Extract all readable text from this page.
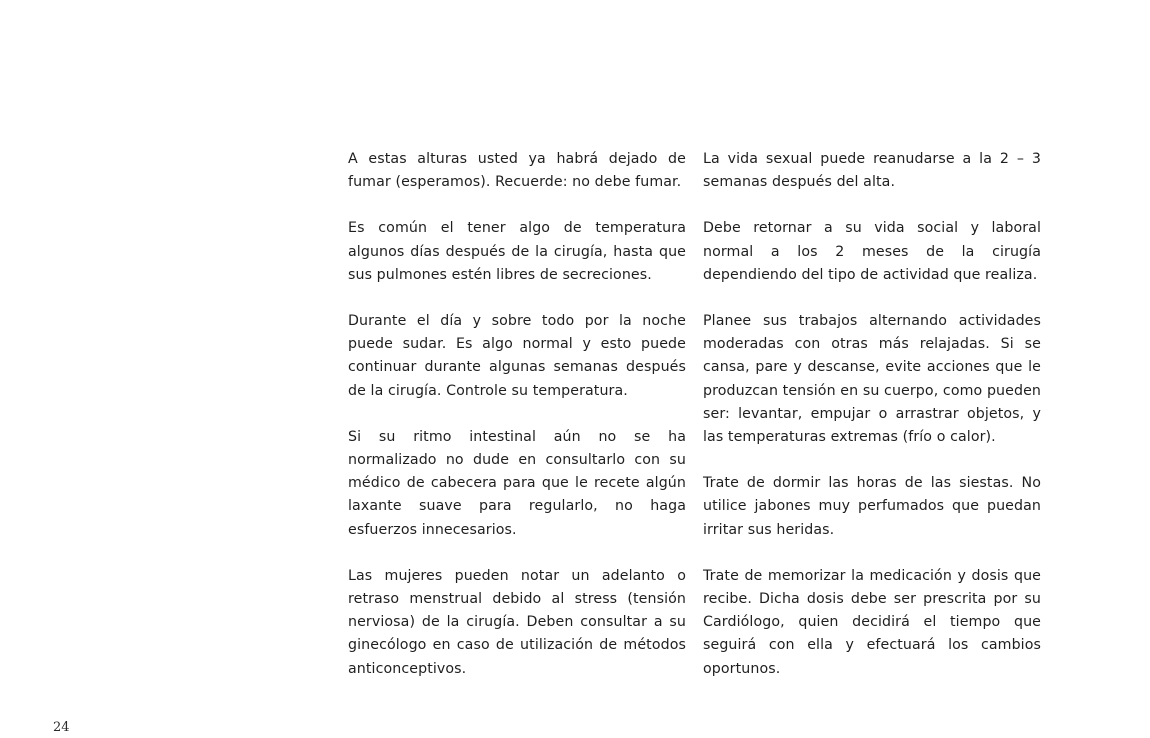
A estas alturas usted ya habrá dejado de fumar (esperamos). Recuerde: no debe fumar.

Es común el tener algo de temperatura algunos días después de la cirugía, hasta que sus pulmones estén libres de secreciones.

Durante el día y sobre todo por la noche puede sudar. Es algo normal y esto puede continuar durante algunas semanas después de la cirugía. Controle su temperatura.

Si su ritmo intestinal aún no se ha normalizado no dude en consultarlo con su médico de cabecera para que le recete algún laxante suave para regularlo, no haga esfuerzos innecesarios.

Las mujeres pueden notar un adelanto o retraso menstrual debido al stress (tensión nerviosa) de la cirugía. Deben consultar a su ginecólogo en caso de utilización de métodos anticonceptivos.

La vida sexual puede reanudarse a la 2 – 3 semanas después del alta.

Debe retornar a su vida social y laboral normal a los 2 meses de la cirugía dependiendo del tipo de actividad que realiza.

Planee sus trabajos alternando actividades moderadas con otras más relajadas. Si se cansa, pare y descanse, evite acciones que le produzcan tensión en su cuerpo, como pueden ser: levantar, empujar o arrastrar objetos, y las temperaturas extremas (frío o calor).

Trate de dormir las horas de las siestas. No utilice jabones muy perfumados que puedan irritar sus heridas.

Trate de memorizar la medicación y dosis que recibe. Dicha dosis debe ser prescrita por su Cardiólogo, quien decidirá el tiempo que seguirá con ella y efectuará los cambios oportunos.

24
